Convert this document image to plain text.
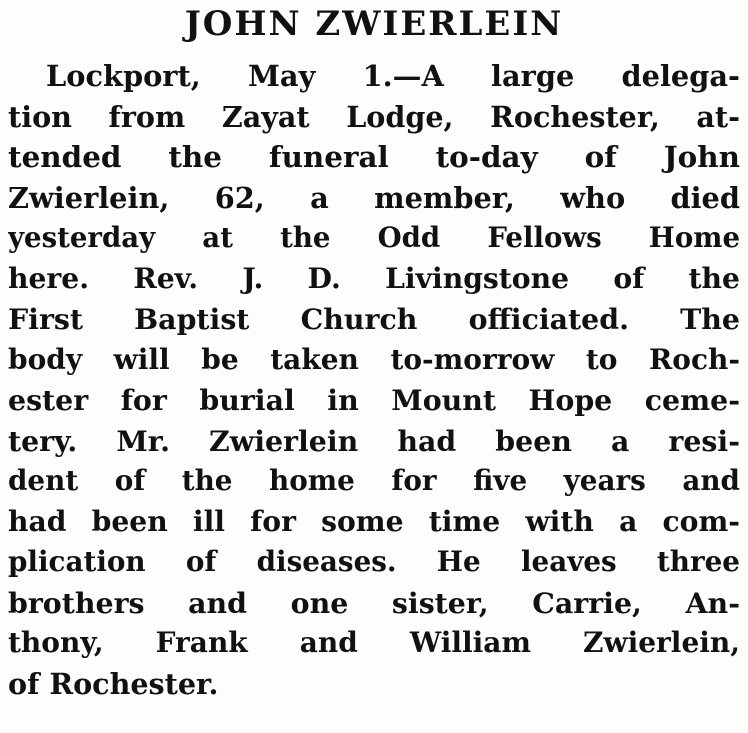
JOHN ZWIERLEIN
Lockport, May 1.—A large delega-
tion from Zayat Lodge, Rochester, at-
tended the funeral to-day of John
Zwierlein, 62, a member, who died
yesterday at the Odd Fellows Home
here. Rev. J. D. Livingstone of the
First Baptist Church officiated. The
body will be taken to-morrow to Roch-
ester for burial in Mount Hope ceme-
tery. Mr. Zwierlein had been a resi-
dent of the home for five years and
had been ill for some time with a com-
plication of diseases. He leaves three
brothers and one sister, Carrie, An-
thony, Frank and William Zwierlein,
of Rochester.
